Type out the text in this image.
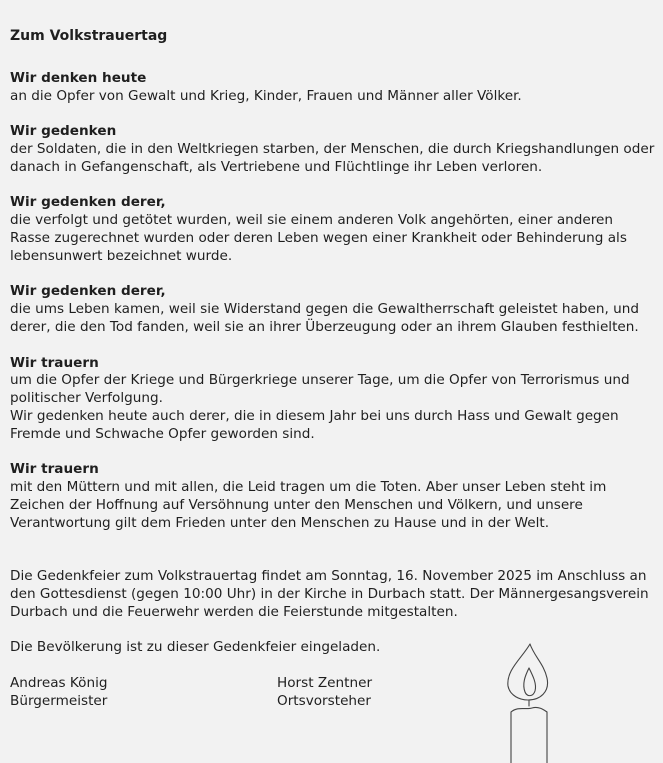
Zum Volkstrauertag
Wir denken heute

an die Opfer von Gewalt und Krieg, Kinder, Frauen und Männer aller Völker.

Wir gedenken

der Soldaten, die in den Weltkriegen starben, der Menschen, die durch Kriegshandlungen oder danach in Gefangenschaft, als Vertriebene und Flüchtlinge ihr Leben verloren.

Wir gedenken derer,

die verfolgt und getötet wurden, weil sie einem anderen Volk angehörten, einer anderen Rasse zugerechnet wurden oder deren Leben wegen einer Krankheit oder Behinderung als lebensunwert bezeichnet wurde.

Wir gedenken derer,

die ums Leben kamen, weil sie Widerstand gegen die Gewaltherrschaft geleistet haben, und derer, die den Tod fanden, weil sie an ihrer Überzeugung oder an ihrem Glauben festhielten.

Wir trauern

um die Opfer der Kriege und Bürgerkriege unserer Tage, um die Opfer von Terrorismus und politischer Verfolgung.

Wir gedenken heute auch derer, die in diesem Jahr bei uns durch Hass und Gewalt gegen Fremde und Schwache Opfer geworden sind.

Wir trauern

mit den Müttern und mit allen, die Leid tragen um die Toten. Aber unser Leben steht im Zeichen der Hoffnung auf Versöhnung unter den Menschen und Völkern, und unsere Verantwortung gilt dem Frieden unter den Menschen zu Hause und in der Welt.

Die Gedenkfeier zum Volkstrauertag findet am Sonntag, 16. November 2025 im Anschluss an den Gottesdienst (gegen 10:00 Uhr) in der Kirche in Durbach statt. Der Männergesangsverein Durbach und die Feuerwehr werden die Feierstunde mitgestalten.

Die Bevölkerung ist zu dieser Gedenkfeier eingeladen.

Andreas König
Bürgermeister
Horst Zentner
Ortsvorsteher
